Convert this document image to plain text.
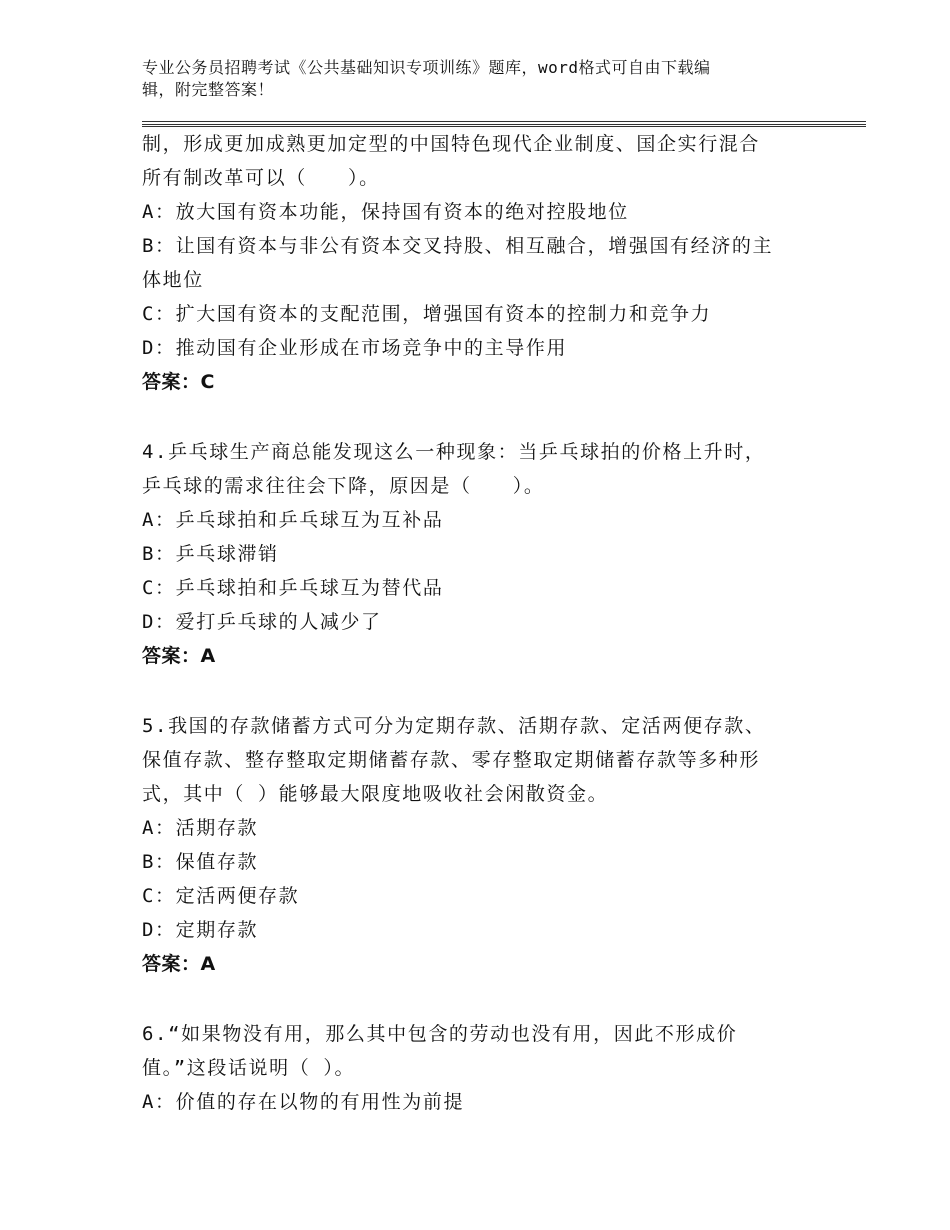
专业公务员招聘考试《公共基础知识专项训练》题库，word格式可自由下载编
辑，附完整答案！
制，形成更加成熟更加定型的中国特色现代企业制度、国企实行混合
所有制改革可以（　　）。
A：放大国有资本功能，保持国有资本的绝对控股地位
B：让国有资本与非公有资本交叉持股、相互融合，增强国有经济的主
体地位
C：扩大国有资本的支配范围，增强国有资本的控制力和竞争力
D：推动国有企业形成在市场竞争中的主导作用
答案：C
4.乒乓球生产商总能发现这么一种现象：当乒乓球拍的价格上升时，
乒乓球的需求往往会下降，原因是（　　）。
A：乒乓球拍和乒乓球互为互补品
B：乒乓球滞销
C：乒乓球拍和乒乓球互为替代品
D：爱打乒乓球的人减少了
答案：A
5.我国的存款储蓄方式可分为定期存款、活期存款、定活两便存款、
保值存款、整存整取定期储蓄存款、零存整取定期储蓄存款等多种形
式，其中（ ）能够最大限度地吸收社会闲散资金。
A：活期存款
B：保值存款
C：定活两便存款
D：定期存款
答案：A
6.“如果物没有用，那么其中包含的劳动也没有用，因此不形成价
值。”这段话说明（ ）。
A：价值的存在以物的有用性为前提
